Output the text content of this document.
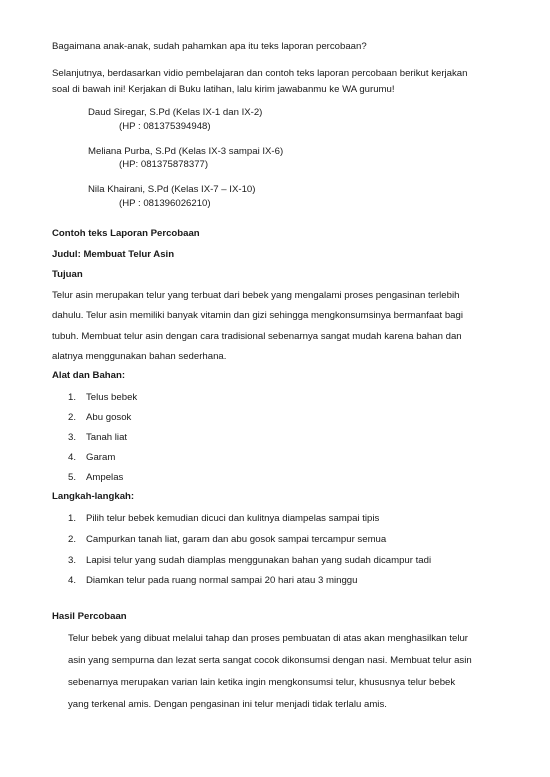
Bagaimana anak-anak, sudah pahamkan apa itu teks laporan percobaan?
Selanjutnya, berdasarkan vidio pembelajaran dan contoh teks laporan percobaan berikut kerjakan
soal di bawah ini! Kerjakan di Buku latihan, lalu kirim jawabanmu ke WA gurumu!
Daud Siregar, S.Pd (Kelas IX-1 dan IX-2)
(HP : 081375394948)
Meliana Purba, S.Pd (Kelas IX-3 sampai IX-6)
(HP: 081375878377)
Nila Khairani, S.Pd (Kelas IX-7 – IX-10)
(HP : 081396026210)
Contoh teks Laporan Percobaan
Judul: Membuat Telur Asin
Tujuan
Telur asin merupakan telur yang terbuat dari bebek yang mengalami proses pengasinan terlebih
dahulu. Telur asin memiliki banyak vitamin dan gizi sehingga mengkonsumsinya bermanfaat bagi
tubuh. Membuat telur asin dengan cara tradisional sebenarnya sangat mudah karena bahan dan
alatnya menggunakan bahan sederhana.
Alat dan Bahan:
1. Telus bebek
2. Abu gosok
3. Tanah liat
4. Garam
5. Ampelas
Langkah-langkah:
1. Pilih telur bebek kemudian dicuci dan kulitnya diampelas sampai tipis
2. Campurkan tanah liat, garam dan abu gosok sampai tercampur semua
3. Lapisi telur yang sudah diamplas menggunakan bahan yang sudah dicampur tadi
4. Diamkan telur pada ruang normal sampai 20 hari atau 3 minggu
Hasil Percobaan
Telur bebek yang dibuat melalui tahap dan proses pembuatan di atas akan menghasilkan telur
asin yang sempurna dan lezat serta sangat cocok dikonsumsi dengan nasi. Membuat telur asin
sebenarnya merupakan varian lain ketika ingin mengkonsumsi telur, khususnya telur bebek
yang terkenal amis. Dengan pengasinan ini telur menjadi tidak terlalu amis.
